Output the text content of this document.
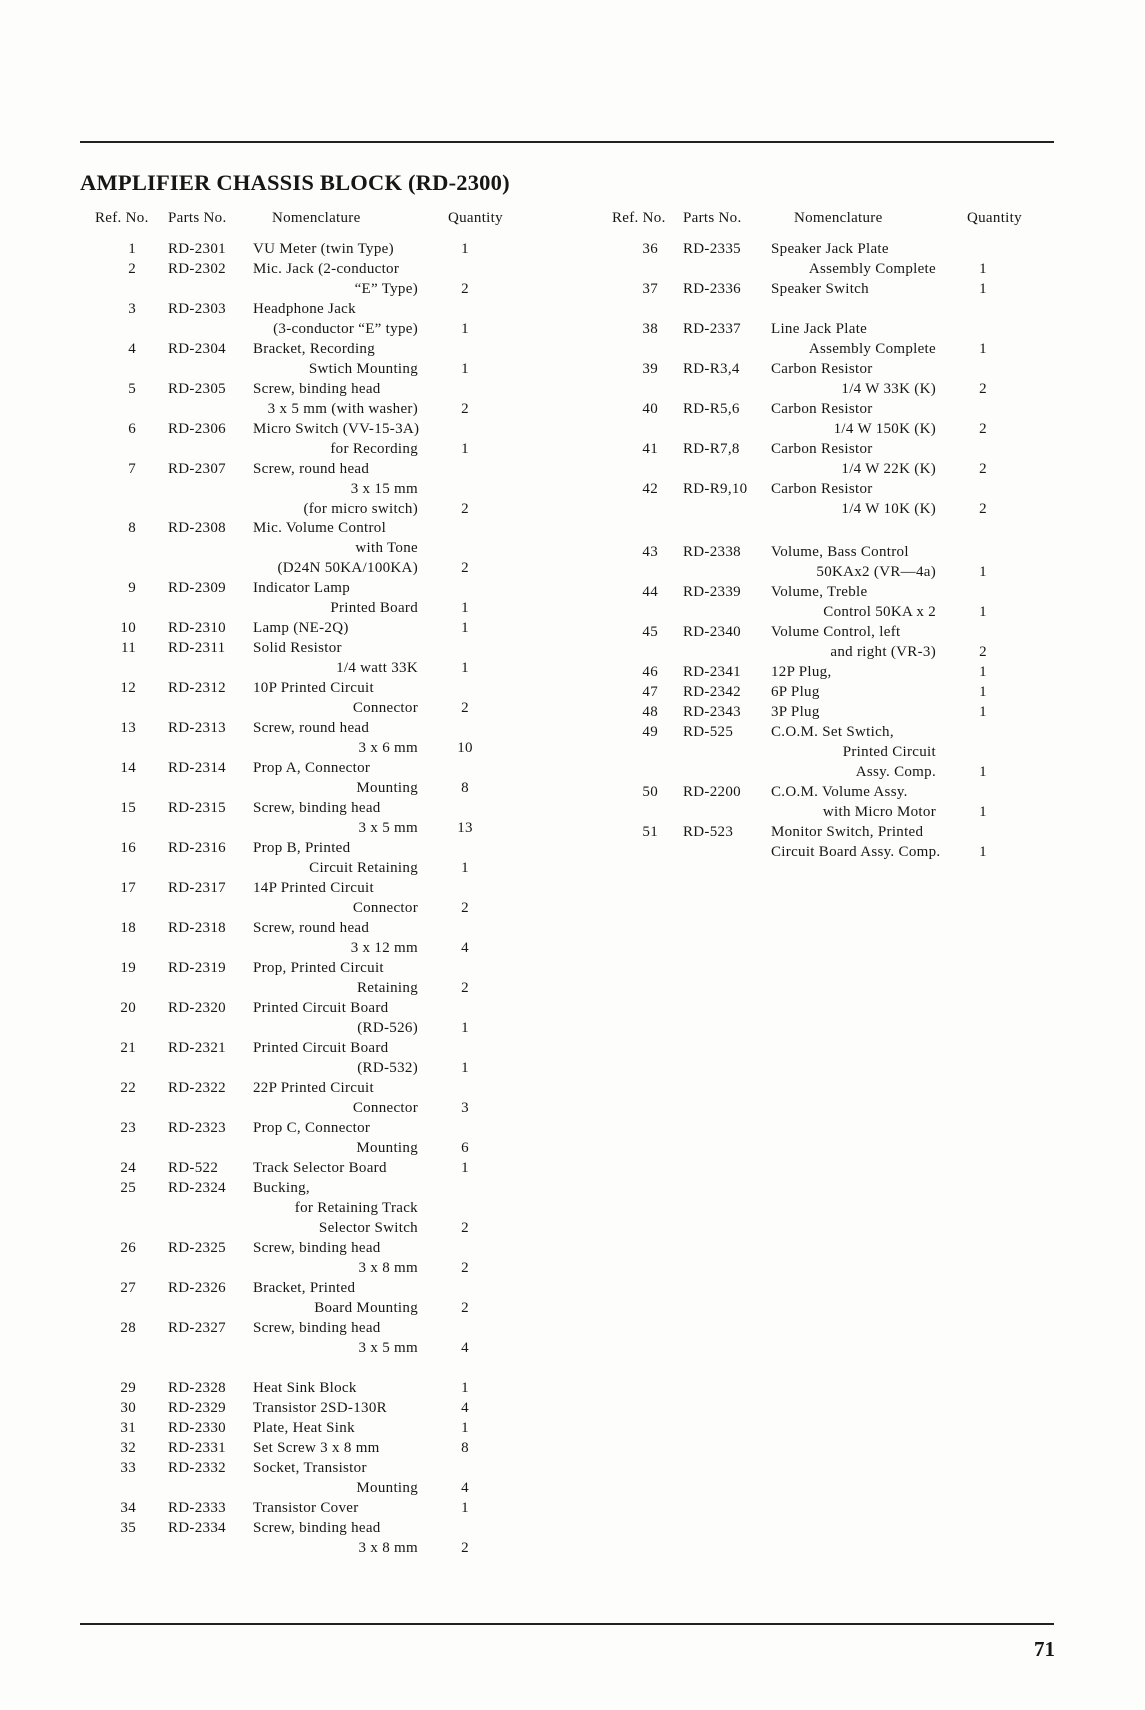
AMPLIFIER CHASSIS BLOCK (RD-2300)
Ref. No. Parts No.	Nomenclature	Quantity	Ref. No. Parts No.	Nomenclature	Quantity
1 RD-2301 VU Meter (twin Type)	1
2 RD-2302 Mic. Jack (2-conductor
“E” Type)	2
3 RD-2303 Headphone Jack
(3-conductor “E” type)	1
4 RD-2304 Bracket, Recording
Swtich Mounting	1
5 RD-2305 Screw, binding head
3 x 5 mm (with washer)	2
6 RD-2306 Micro Switch (VV-15-3A)
for Recording	1
7 RD-2307 Screw, round head
3 x 15 mm
(for micro switch)	2
8 RD-2308 Mic. Volume Control
with Tone
(D24N 50KA/100KA)	2
9 RD-2309 Indicator Lamp
Printed Board	1
10 RD-2310 Lamp (NE-2Q)	1
11 RD-2311 Solid Resistor
1/4 watt 33K	1
12 RD-2312 10P Printed Circuit
Connector	2
13 RD-2313 Screw, round head
3 x 6 mm	10
14 RD-2314 Prop A, Connector
Mounting	8
15 RD-2315 Screw, binding head
3 x 5 mm	13
16 RD-2316 Prop B, Printed
Circuit Retaining	1
17 RD-2317 14P Printed Circuit
Connector	2
18 RD-2318 Screw, round head
3 x 12 mm	4
19 RD-2319 Prop, Printed Circuit
Retaining	2
20 RD-2320 Printed Circuit Board
(RD-526)	1
21 RD-2321 Printed Circuit Board
(RD-532)	1
22 RD-2322 22P Printed Circuit
Connector	3
23 RD-2323 Prop C, Connector
Mounting	6
24 RD-522 Track Selector Board	1
25 RD-2324 Bucking,
for Retaining Track
Selector Switch	2
26 RD-2325 Screw, binding head
3 x 8 mm	2
27 RD-2326 Bracket, Printed
Board Mounting	2
28 RD-2327 Screw, binding head
3 x 5 mm	4
29 RD-2328 Heat Sink Block	1
30 RD-2329 Transistor 2SD-130R	4
31 RD-2330 Plate, Heat Sink	1
32 RD-2331 Set Screw 3 x 8 mm	8
33 RD-2332 Socket, Transistor
Mounting	4
34 RD-2333 Transistor Cover	1
35 RD-2334 Screw, binding head
3 x 8 mm	2
36 RD-2335 Speaker Jack Plate
Assembly Complete	1
37 RD-2336 Speaker Switch	1
38 RD-2337 Line Jack Plate
Assembly Complete	1
39 RD-R3,4 Carbon Resistor
1/4 W 33K (K)	2
40 RD-R5,6 Carbon Resistor
1/4 W 150K (K)	2
41 RD-R7,8 Carbon Resistor
1/4 W 22K (K)	2
42 RD-R9,10 Carbon Resistor
1/4 W 10K (K)	2
43 RD-2338 Volume, Bass Control
50KAx2 (VR—4a)	1
44 RD-2339 Volume, Treble
Control 50KA x 2	1
45 RD-2340 Volume Control, left
and right (VR-3)	2
46 RD-2341 12P Plug,	1
47 RD-2342 6P Plug	1
48 RD-2343 3P Plug	1
49 RD-525	C.O.M. Set Swtich,
Printed Circuit
Assy. Comp.	1
50 RD-2200 C.O.M. Volume Assy.
with Micro Motor	1
51 RD-523	Monitor Switch, Printed
Circuit Board Assy. Comp.	1
71
